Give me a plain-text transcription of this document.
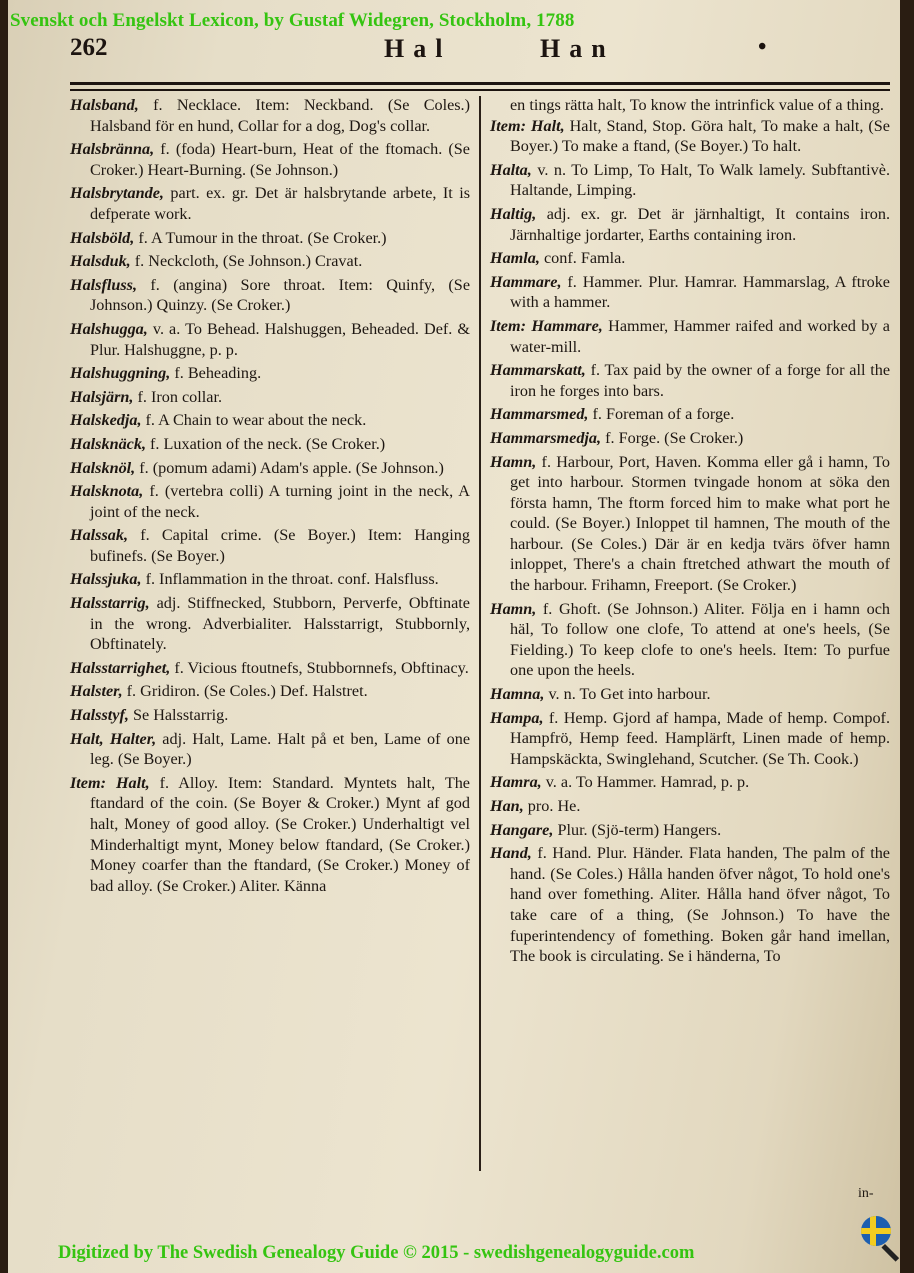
Svenskt och Engelskt Lexicon, by Gustaf Widegren, Stockholm, 1788
262	Hal	Han	•
Halsband, f. Necklace. Item: Neckband. (Se Coles.) Halsband för en hund, Collar for a dog, Dog's collar.
Halsbränna, f. (foda) Heart-burn, Heat of the ftomach. (Se Croker.) Heart-Burning. (Se Johnson.)
Halsbrytande, part. ex. gr. Det är halsbrytande arbete, It is defperate work.
Halsböld, f. A Tumour in the throat. (Se Croker.)
Halsduk, f. Neckcloth, (Se Johnson.) Cravat.
Halsfluss, f. (angina) Sore throat. Item: Quinfy, (Se Johnson.) Quinzy. (Se Croker.)
Halshugga, v. a. To Behead. Halshuggen, Beheaded. Def. & Plur. Halshuggne, p. p.
Halshuggning, f. Beheading.
Halsjärn, f. Iron collar.
Halskedja, f. A Chain to wear about the neck.
Halsknäck, f. Luxation of the neck. (Se Croker.)
Halsknöl, f. (pomum adami) Adam's apple. (Se Johnson.)
Halsknota, f. (vertebra colli) A turning joint in the neck, A joint of the neck.
Halssak, f. Capital crime. (Se Boyer.) Item: Hanging bufinefs. (Se Boyer.)
Halssjuka, f. Inflammation in the throat. conf. Halsfluss.
Halsstarrig, adj. Stiffnecked, Stubborn, Perverfe, Obftinate in the wrong. Adverbialiter. Halsstarrigt, Stubbornly, Obftinately.
Halsstarrighet, f. Vicious ftoutnefs, Stubbornnefs, Obftinacy.
Halster, f. Gridiron. (Se Coles.) Def. Halstret.
Halsstyf, Se Halsstarrig.
Halt, Halter, adj. Halt, Lame. Halt på et ben, Lame of one leg. (Se Boyer.)
Item: Halt, f. Alloy. Item: Standard. Myntets halt, The ftandard of the coin. (Se Boyer & Croker.) Mynt af god halt, Money of good alloy. (Se Croker.) Underhaltigt vel Minderhaltigt mynt, Money below ftandard, (Se Croker.) Money coarfer than the ftandard, (Se Croker.) Money of bad alloy. (Se Croker.) Aliter. Känna
en tings rätta halt, To know the intrinfick value of a thing.
Item: Halt, Halt, Stand, Stop. Göra halt, To make a halt, (Se Boyer.) To make a ftand, (Se Boyer.) To halt.
Halta, v. n. To Limp, To Halt, To Walk lamely. Subftantivè. Haltande, Limping.
Haltig, adj. ex. gr. Det är järnhaltigt, It contains iron. Järnhaltige jordarter, Earths containing iron.
Hamla, conf. Famla.
Hammare, f. Hammer. Plur. Hamrar. Hammarslag, A ftroke with a hammer.
Item: Hammare, Hammer, Hammer raifed and worked by a water-mill.
Hammarskatt, f. Tax paid by the owner of a forge for all the iron he forges into bars.
Hammarsmed, f. Foreman of a forge.
Hammarsmedja, f. Forge. (Se Croker.)
Hamn, f. Harbour, Port, Haven. Komma eller gå i hamn, To get into harbour. Stormen tvingade honom at söka den första hamn, The ftorm forced him to make what port he could. (Se Boyer.) Inloppet til hamnen, The mouth of the harbour. (Se Coles.) Där är en kedja tvärs öfver hamn inloppet, There's a chain ftretched athwart the mouth of the harbour. Frihamn, Freeport. (Se Croker.)
Hamn, f. Ghoft. (Se Johnson.) Aliter. Följa en i hamn och häl, To follow one clofe, To attend at one's heels, (Se Fielding.) To keep clofe to one's heels. Item: To purfue one upon the heels.
Hamna, v. n. To Get into harbour.
Hampa, f. Hemp. Gjord af hampa, Made of hemp. Compof. Hampfrö, Hemp feed. Hamplärft, Linen made of hemp. Hampskäckta, Swinglehand, Scutcher. (Se Th. Cook.)
Hamra, v. a. To Hammer. Hamrad, p. p.
Han, pro. He.
Hangare, Plur. (Sjö-term) Hangers.
Hand, f. Hand. Plur. Händer. Flata handen, The palm of the hand. (Se Coles.) Hålla handen öfver något, To hold one's hand over fomething. Aliter. Hålla hand öfver något, To take care of a thing, (Se Johnson.) To have the fuperintendency of fomething. Boken går hand imellan, The book is circulating. Se i händerna, To
in-
Digitized by The Swedish Genealogy Guide © 2015 - swedishgenealogyguide.com
